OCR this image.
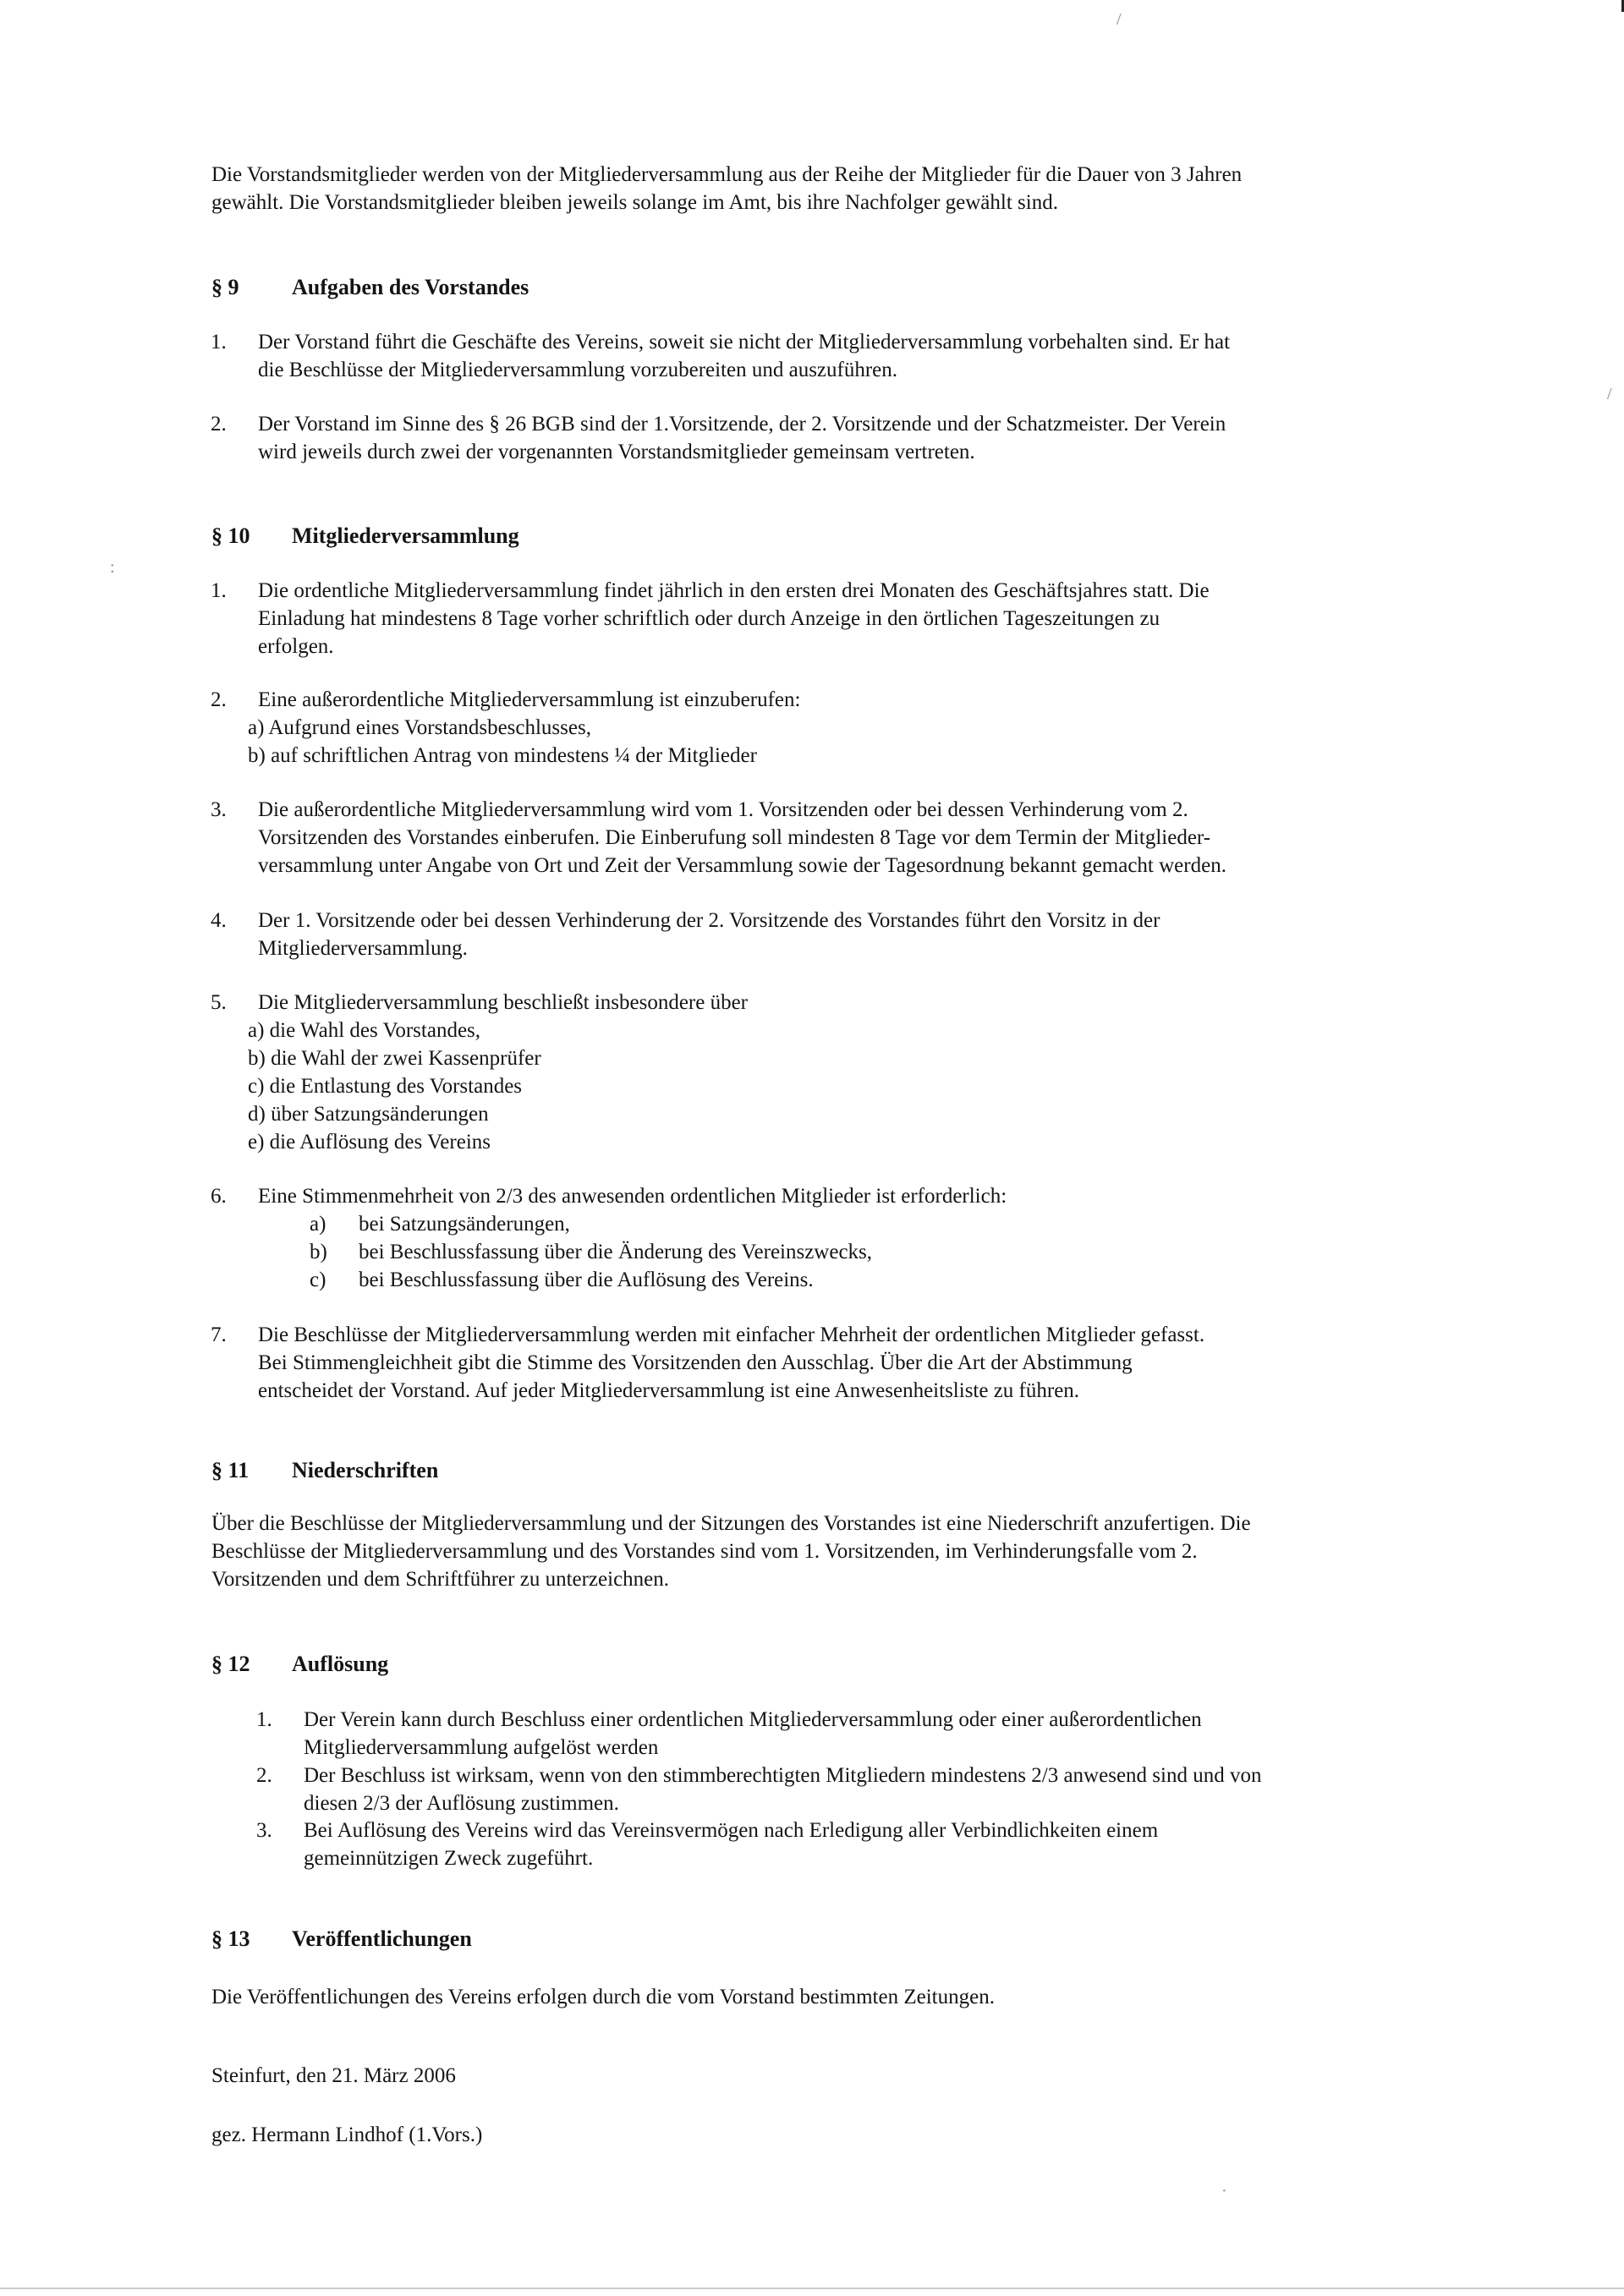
Die Vorstandsmitglieder werden von der Mitgliederversammlung aus der Reihe der Mitglieder für die Dauer von 3 Jahren
gewählt. Die Vorstandsmitglieder bleiben jeweils solange im Amt, bis ihre Nachfolger gewählt sind.
§ 9	Aufgaben des Vorstandes
1. Der Vorstand führt die Geschäfte des Vereins, soweit sie nicht der Mitgliederversammlung vorbehalten sind. Er hat
die Beschlüsse der Mitgliederversammlung vorzubereiten und auszuführen.
2. Der Vorstand im Sinne des § 26 BGB sind der 1.Vorsitzende, der 2. Vorsitzende und der Schatzmeister. Der Verein
wird jeweils durch zwei der vorgenannten Vorstandsmitglieder gemeinsam vertreten.
§ 10	Mitgliederversammlung
1. Die ordentliche Mitgliederversammlung findet jährlich in den ersten drei Monaten des Geschäftsjahres statt. Die
Einladung hat mindestens 8 Tage vorher schriftlich oder durch Anzeige in den örtlichen Tageszeitungen zu
erfolgen.
2. Eine außerordentliche Mitgliederversammlung ist einzuberufen:
a) Aufgrund eines Vorstandsbeschlusses,
b) auf schriftlichen Antrag von mindestens ¼ der Mitglieder
3. Die außerordentliche Mitgliederversammlung wird vom 1. Vorsitzenden oder bei dessen Verhinderung vom 2.
Vorsitzenden des Vorstandes einberufen. Die Einberufung soll mindesten 8 Tage vor dem Termin der Mitglieder-
versammlung unter Angabe von Ort und Zeit der Versammlung sowie der Tagesordnung bekannt gemacht werden.
4. Der 1. Vorsitzende oder bei dessen Verhinderung der 2. Vorsitzende des Vorstandes führt den Vorsitz in der
Mitgliederversammlung.
5. Die Mitgliederversammlung beschließt insbesondere über
a) die Wahl des Vorstandes,
b) die Wahl der zwei Kassenprüfer
c) die Entlastung des Vorstandes
d) über Satzungsänderungen
e) die Auflösung des Vereins
6. Eine Stimmenmehrheit von 2/3 des anwesenden ordentlichen Mitglieder ist erforderlich:
a) bei Satzungsänderungen,
b) bei Beschlussfassung über die Änderung des Vereinszwecks,
c) bei Beschlussfassung über die Auflösung des Vereins.
7. Die Beschlüsse der Mitgliederversammlung werden mit einfacher Mehrheit der ordentlichen Mitglieder gefasst.
Bei Stimmengleichheit gibt die Stimme des Vorsitzenden den Ausschlag. Über die Art der Abstimmung
entscheidet der Vorstand. Auf jeder Mitgliederversammlung ist eine Anwesenheitsliste zu führen.
§ 11	Niederschriften
Über die Beschlüsse der Mitgliederversammlung und der Sitzungen des Vorstandes ist eine Niederschrift anzufertigen. Die
Beschlüsse der Mitgliederversammlung und des Vorstandes sind vom 1. Vorsitzenden, im Verhinderungsfalle vom 2.
Vorsitzenden und dem Schriftführer zu unterzeichnen.
§ 12	Auflösung
1. Der Verein kann durch Beschluss einer ordentlichen Mitgliederversammlung oder einer außerordentlichen
Mitgliederversammlung aufgelöst werden
2. Der Beschluss ist wirksam, wenn von den stimmberechtigten Mitgliedern mindestens 2/3 anwesend sind und von
diesen 2/3 der Auflösung zustimmen.
3. Bei Auflösung des Vereins wird das Vereinsvermögen nach Erledigung aller Verbindlichkeiten einem
gemeinnützigen Zweck zugeführt.
§ 13	Veröffentlichungen
Die Veröffentlichungen des Vereins erfolgen durch die vom Vorstand bestimmten Zeitungen.
Steinfurt, den 21. März 2006
gez. Hermann Lindhof (1.Vors.)
/
/
:
·
